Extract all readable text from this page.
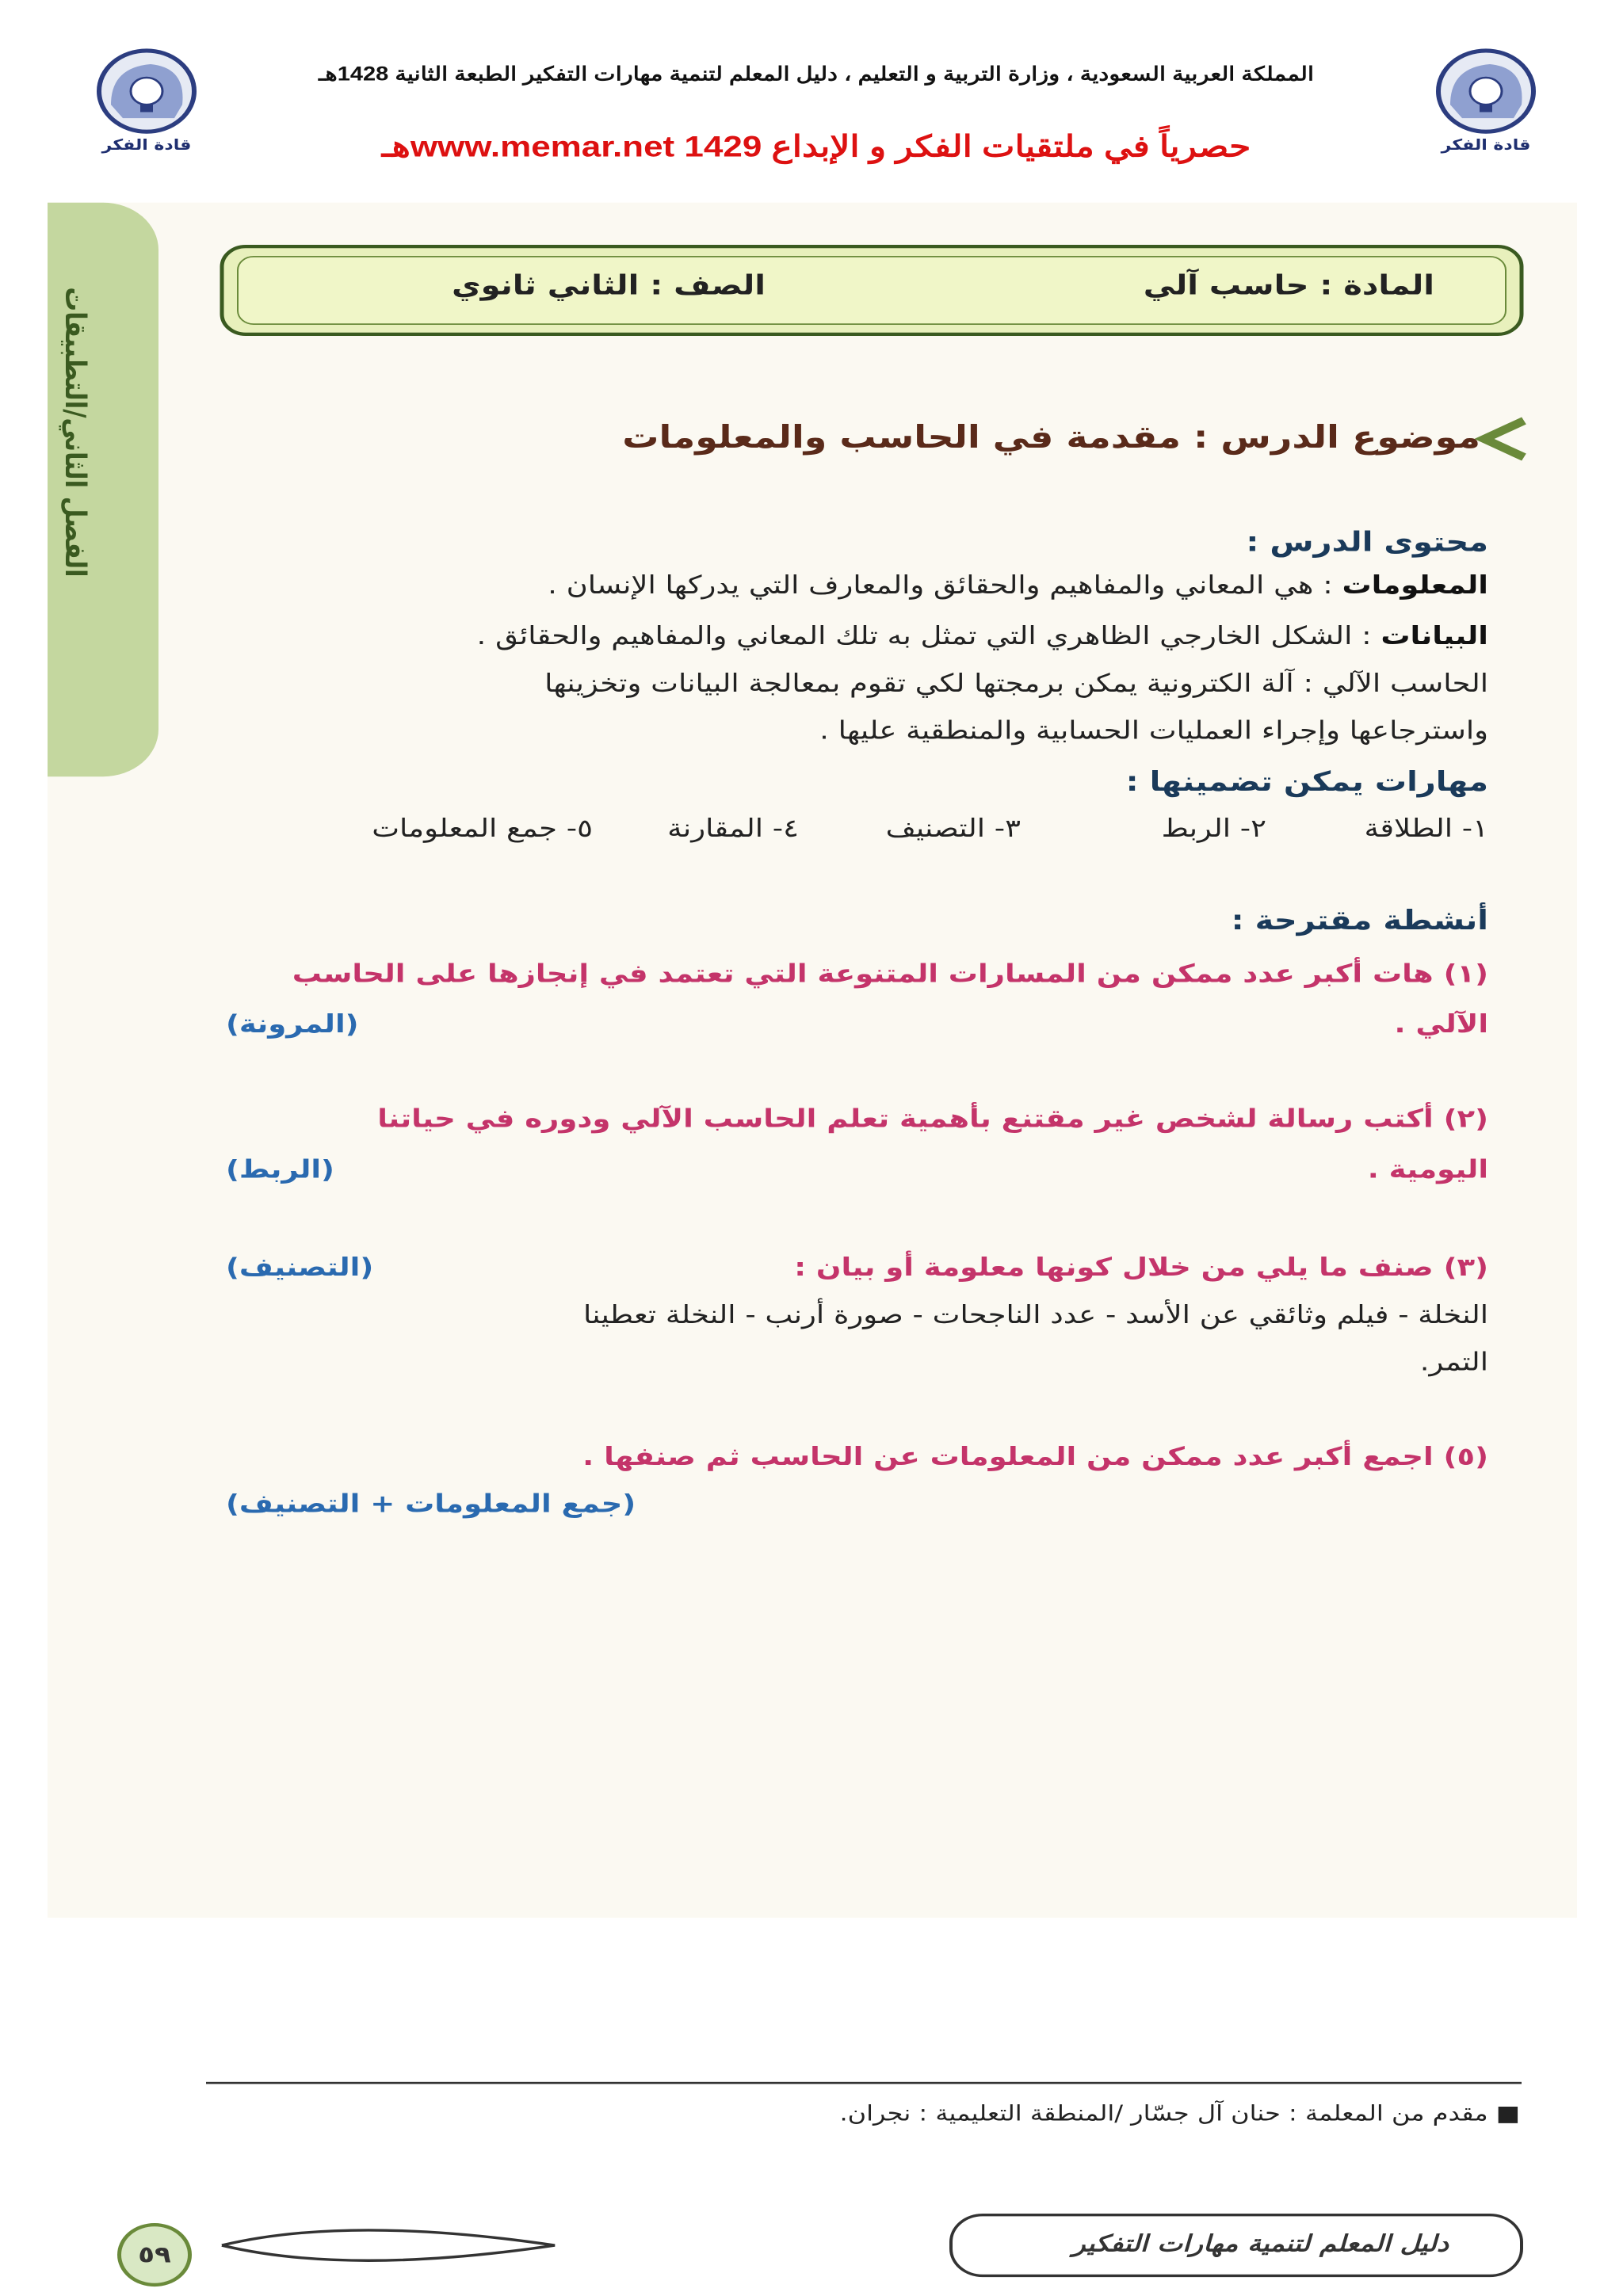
المملكة العربية السعودية ، وزارة التربية و التعليم ، دليل المعلم لتنمية مهارات التفكير الطبعة الثانية 1428هـ
حصرياً في ملتقيات الفكر و الإبداع www.memar.net 1429هـ
قادة الفكر	قادة الفكر
الفصل الثاني/التطبيقات
المادة : حاسب آلي
الصف : الثاني ثانوي
موضوع الدرس : مقدمة في الحاسب والمعلومات
محتوى الدرس :
المعلومات : هي المعاني والمفاهيم والحقائق والمعارف التي يدركها الإنسان .
البيانات : الشكل الخارجي الظاهري التي تمثل به تلك المعاني والمفاهيم والحقائق .
الحاسب الآلي : آلة الكترونية يمكن برمجتها لكي تقوم بمعالجة البيانات وتخزينها
واسترجاعها وإجراء العمليات الحسابية والمنطقية عليها .
مهارات يمكن تضمينها :
١- الطلاقة
٢- الربط
٣- التصنيف
٤- المقارنة
٥- جمع المعلومات
أنشطة مقترحة :
(١) هات أكبر عدد ممكن من المسارات المتنوعة التي تعتمد في إنجازها على الحاسب
الآلي .
(المرونة)
(٢) أكتب رسالة لشخص غير مقتنع بأهمية تعلم الحاسب الآلي ودوره في حياتنا
اليومية .
(الربط)
(٣) صنف ما يلي من خلال كونها معلومة أو بيان :
(التصنيف)
النخلة - فيلم وثائقي عن الأسد - عدد الناجحات - صورة أرنب - النخلة تعطينا
التمر.
(٥) اجمع أكبر عدد ممكن من المعلومات عن الحاسب ثم صنفها .
(جمع المعلومات + التصنيف)
■ مقدم من المعلمة : حنان آل جسّار /المنطقة التعليمية : نجران.
دليل المعلم لتنمية مهارات التفكير
٥٩
